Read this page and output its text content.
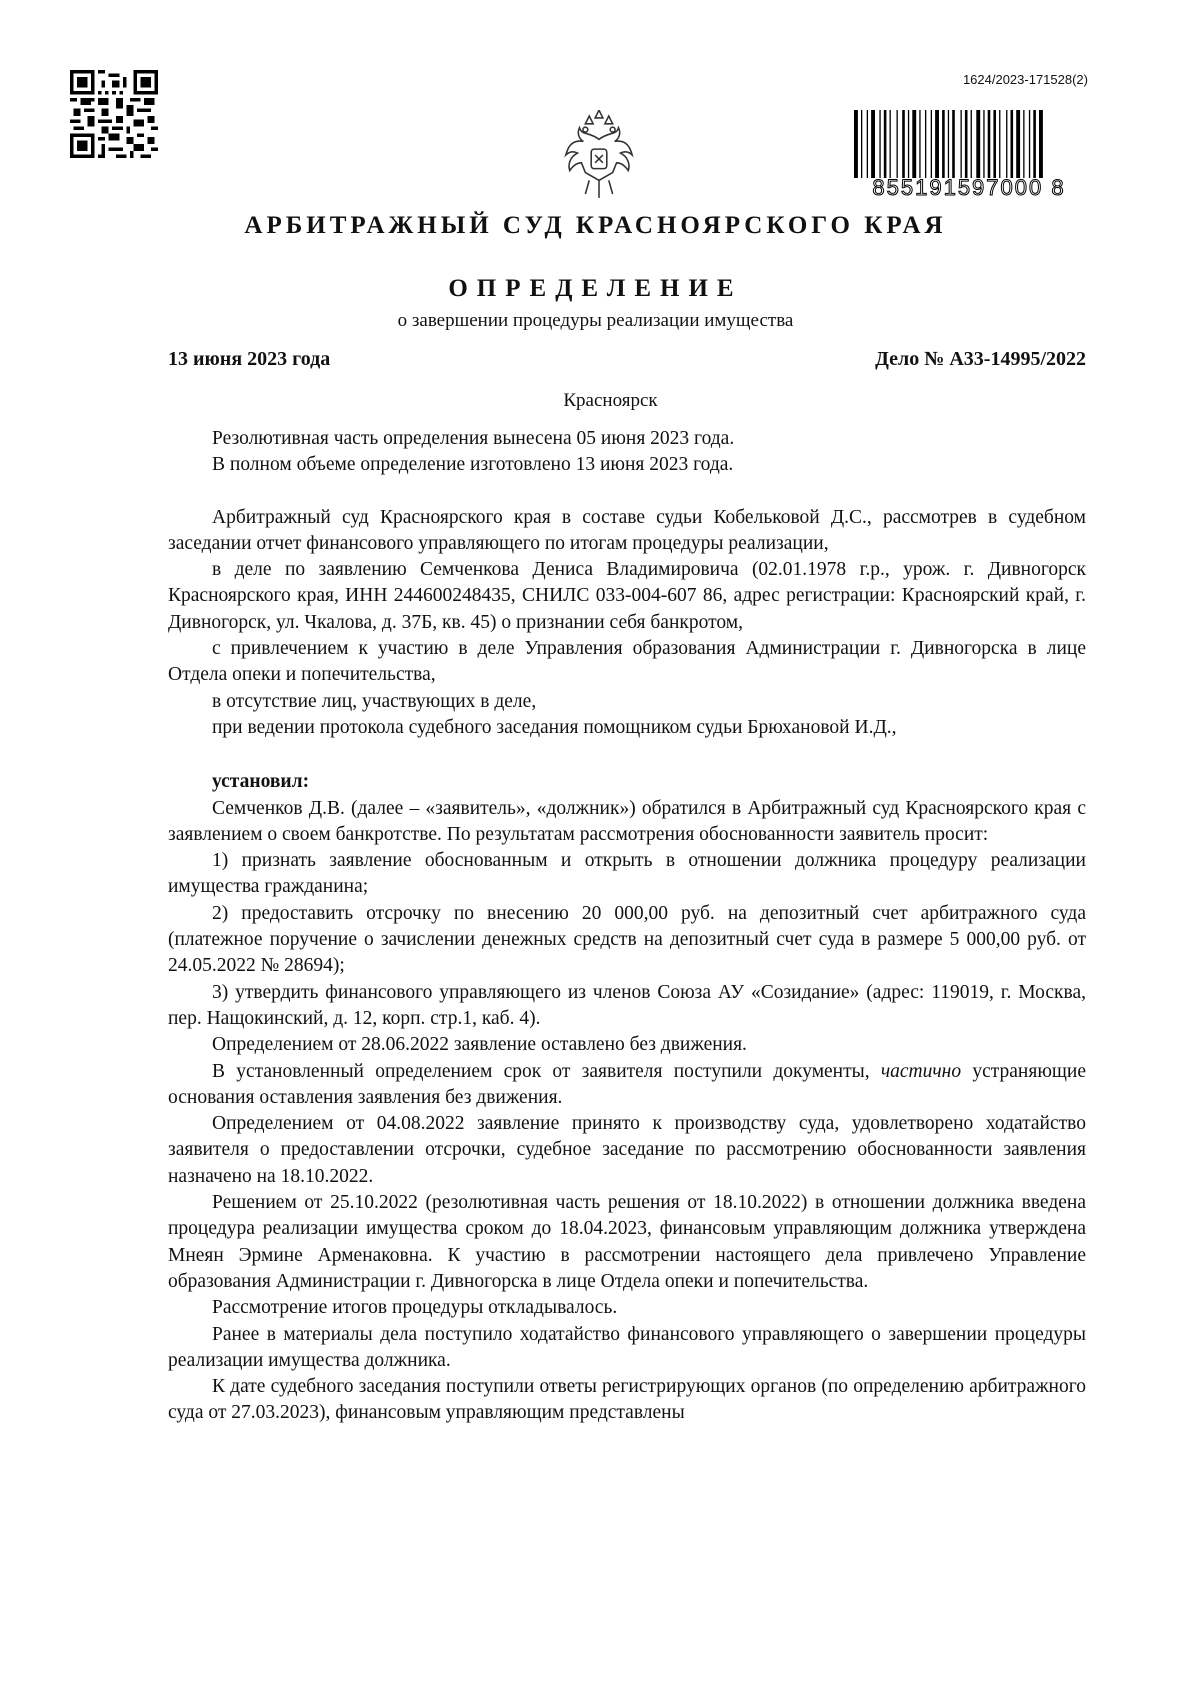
1624/2023-171528(2)
855191597000 8
АРБИТРАЖНЫЙ СУД КРАСНОЯРСКОГО КРАЯ
ОПРЕДЕЛЕНИЕ
о завершении процедуры реализации имущества
13 июня 2023 года	Дело № А33-14995/2022
Красноярск

Резолютивная часть определения вынесена 05 июня 2023 года.

В полном объеме определение изготовлено 13 июня 2023 года.

Арбитражный суд Красноярского края в составе судьи Кобельковой Д.С., рассмотрев в судебном заседании отчет финансового управляющего по итогам процедуры реализации,

в деле по заявлению Семченкова Дениса Владимировича (02.01.1978 г.р., урож. г. Дивногорск Красноярского края, ИНН 244600248435, СНИЛС 033-004-607 86, адрес регистрации: Красноярский край, г. Дивногорск, ул. Чкалова, д. 37Б, кв. 45) о признании себя банкротом,

с привлечением к участию в деле Управления образования Администрации г. Дивногорска в лице Отдела опеки и попечительства,

в отсутствие лиц, участвующих в деле,

при ведении протокола судебного заседания помощником судьи Брюхановой И.Д.,

установил:

Семченков Д.В. (далее – «заявитель», «должник») обратился в Арбитражный суд Красноярского края с заявлением о своем банкротстве. По результатам рассмотрения обоснованности заявитель просит:

1) признать заявление обоснованным и открыть в отношении должника процедуру реализации имущества гражданина;

2) предоставить отсрочку по внесению 20 000,00 руб. на депозитный счет арбитражного суда (платежное поручение о зачислении денежных средств на депозитный счет суда в размере 5 000,00 руб. от 24.05.2022 № 28694);

3) утвердить финансового управляющего из членов Союза АУ «Созидание» (адрес: 119019, г. Москва, пер. Нащокинский, д. 12, корп. стр.1, каб. 4).

Определением от 28.06.2022 заявление оставлено без движения.

В установленный определением срок от заявителя поступили документы, частично устраняющие основания оставления заявления без движения.

Определением от 04.08.2022 заявление принято к производству суда, удовлетворено ходатайство заявителя о предоставлении отсрочки, судебное заседание по рассмотрению обоснованности заявления назначено на 18.10.2022.

Решением от 25.10.2022 (резолютивная часть решения от 18.10.2022) в отношении должника введена процедура реализации имущества сроком до 18.04.2023, финансовым управляющим должника утверждена Мнеян Эрмине Арменаковна. К участию в рассмотрении настоящего дела привлечено Управление образования Администрации г. Дивногорска в лице Отдела опеки и попечительства.

Рассмотрение итогов процедуры откладывалось.

Ранее в материалы дела поступило ходатайство финансового управляющего о завершении процедуры реализации имущества должника.

К дате судебного заседания поступили ответы регистрирующих органов (по определению арбитражного суда от 27.03.2023), финансовым управляющим представлены
